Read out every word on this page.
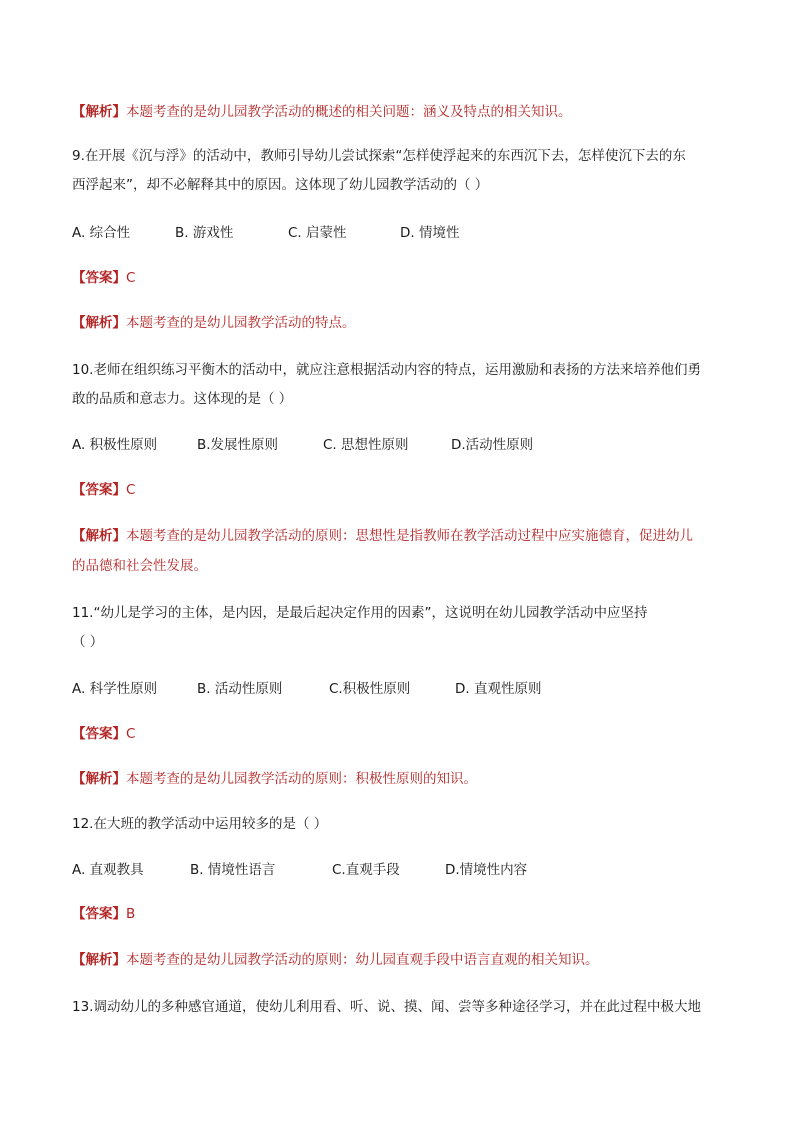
【解析】本题考查的是幼儿园教学活动的概述的相关问题：涵义及特点的相关知识。
9.在开展《沉与浮》的活动中，教师引导幼儿尝试探索“怎样使浮起来的东西沉下去，怎样使沉下去的东
西浮起来”，却不必解释其中的原因。这体现了幼儿园教学活动的（ ）
A. 综合性	B. 游戏性	C. 启蒙性	D. 情境性
【答案】C
【解析】本题考查的是幼儿园教学活动的特点。
10.老师在组织练习平衡木的活动中，就应注意根据活动内容的特点，运用激励和表扬的方法来培养他们勇
敢的品质和意志力。这体现的是（ ）
A. 积极性原则	B.发展性原则	C. 思想性原则	D.活动性原则
【答案】C
【解析】本题考查的是幼儿园教学活动的原则：思想性是指教师在教学活动过程中应实施德育，促进幼儿
的品德和社会性发展。
11.“幼儿是学习的主体，是内因，是最后起决定作用的因素”，这说明在幼儿园教学活动中应坚持
（ ）
A. 科学性原则	B. 活动性原则	C.积极性原则	D. 直观性原则
【答案】C
【解析】本题考查的是幼儿园教学活动的原则：积极性原则的知识。
12.在大班的教学活动中运用较多的是（ ）
A. 直观教具	B. 情境性语言	C.直观手段	D.情境性内容
【答案】B
【解析】本题考查的是幼儿园教学活动的原则：幼儿园直观手段中语言直观的相关知识。
13.调动幼儿的多种感官通道，使幼儿利用看、听、说、摸、闻、尝等多种途径学习，并在此过程中极大地
